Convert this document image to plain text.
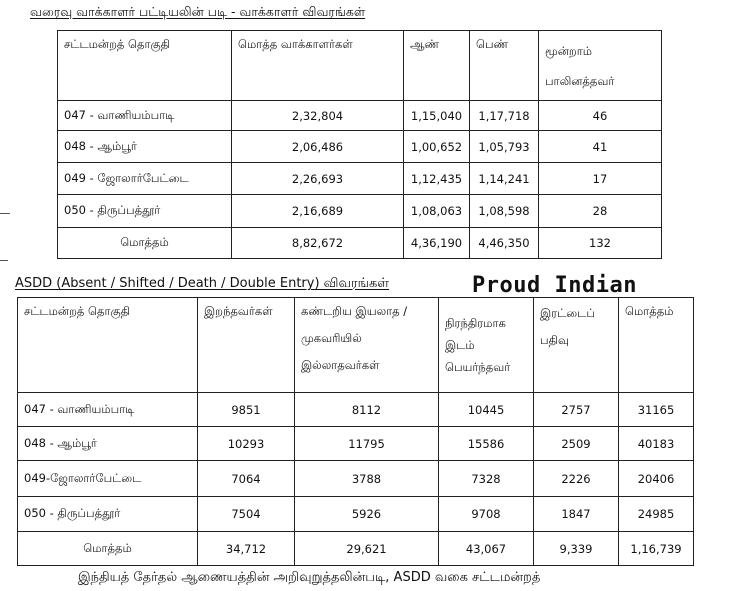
வரைவு வாக்காளர் பட்டியலின் படி - வாக்காளர் விவரங்கள்
சட்டமன்றத் தொகுதி	மொத்த வாக்காளர்கள்	ஆண்	பெண்	மூன்றாம் பாலினத்தவர்
047 - வாணியம்பாடி	2,32,804	1,15,040	1,17,718	46
048 - ஆம்பூர்	2,06,486	1,00,652	1,05,793	41
049 - ஜோலார்பேட்டை	2,26,693	1,12,435	1,14,241	17
050 - திருப்பத்தூர்	2,16,689	1,08,063	1,08,598	28
மொத்தம்	8,82,672	4,36,190	4,46,350	132
ASDD (Absent / Shifted / Death / Double Entry) விவரங்கள்	Proud Indian
சட்டமன்றத் தொகுதி	இறந்தவர்கள்	கண்டறிய இயலாத / முகவரியில் இல்லாதவர்கள்	நிரந்திரமாக இடம் பெயர்ந்தவர்	இரட்டைப் பதிவு	மொத்தம்
047 - வாணியம்பாடி	9851	8112	10445	2757	31165
048 - ஆம்பூர்	10293	11795	15586	2509	40183
049-ஜோலார்பேட்டை	7064	3788	7328	2226	20406
050 - திருப்பத்தூர்	7504	5926	9708	1847	24985
மொத்தம்	34,712	29,621	43,067	9,339	1,16,739
இந்தியத் தேர்தல் ஆணையத்தின் அறிவுறுத்தலின்படி, ASDD வகை சட்டமன்றத்
